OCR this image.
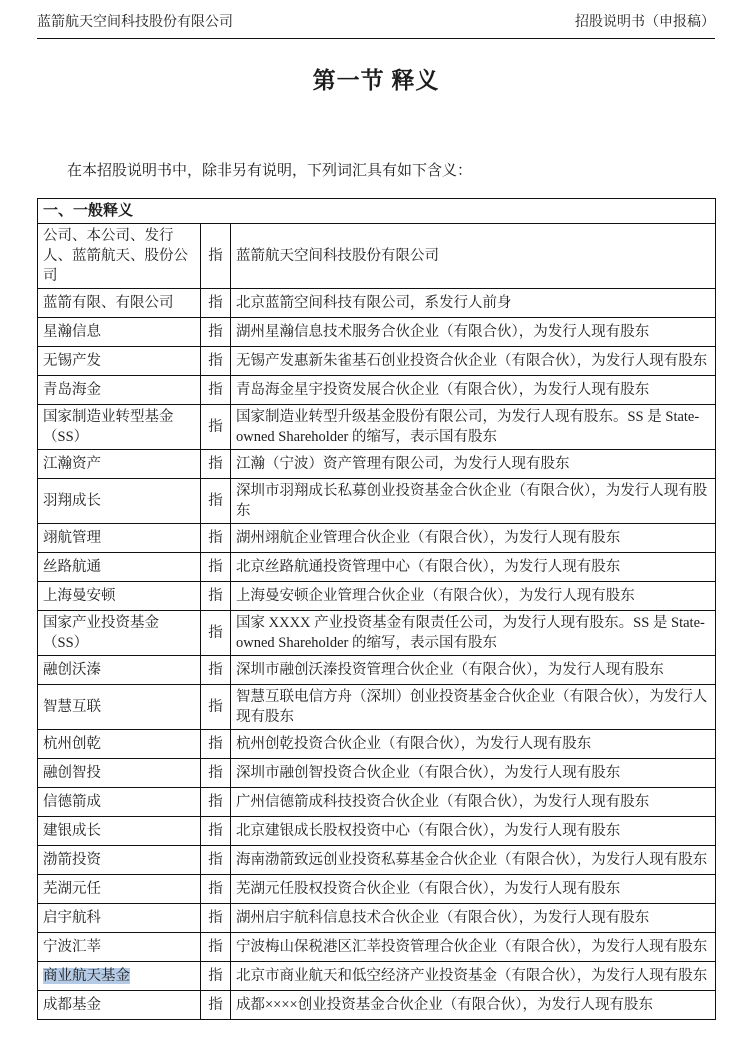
蓝箭航天空间科技股份有限公司	招股说明书（申报稿）
第一节 释义

在本招股说明书中，除非另有说明，下列词汇具有如下含义：

一、一般释义		
公司、本公司、发行人、蓝箭航天、股份公司	指	蓝箭航天空间科技股份有限公司
蓝箭有限、有限公司	指	北京蓝箭空间科技有限公司，系发行人前身
星瀚信息	指	湖州星瀚信息技术服务合伙企业（有限合伙），为发行人现有股东
无锡产发	指	无锡产发惠新朱雀基石创业投资合伙企业（有限合伙），为发行人现有股东
青岛海金	指	青岛海金星宇投资发展合伙企业（有限合伙），为发行人现有股东
国家制造业转型基金（SS）	指	国家制造业转型升级基金股份有限公司，为发行人现有股东。SS 是 State-owned Shareholder 的缩写，表示国有股东
江瀚资产	指	江瀚（宁波）资产管理有限公司，为发行人现有股东
羽翔成长	指	深圳市羽翔成长私募创业投资基金合伙企业（有限合伙），为发行人现有股东
翊航管理	指	湖州翊航企业管理合伙企业（有限合伙），为发行人现有股东
丝路航通	指	北京丝路航通投资管理中心（有限合伙），为发行人现有股东
上海曼安顿	指	上海曼安顿企业管理合伙企业（有限合伙），为发行人现有股东
国家产业投资基金（SS）	指	国家 XXXX 产业投资基金有限责任公司，为发行人现有股东。SS 是 State-owned Shareholder 的缩写，表示国有股东
融创沃溱	指	深圳市融创沃溱投资管理合伙企业（有限合伙），为发行人现有股东
智慧互联	指	智慧互联电信方舟（深圳）创业投资基金合伙企业（有限合伙），为发行人现有股东
杭州创乾	指	杭州创乾投资合伙企业（有限合伙），为发行人现有股东
融创智投	指	深圳市融创智投资合伙企业（有限合伙），为发行人现有股东
信德箭成	指	广州信德箭成科技投资合伙企业（有限合伙），为发行人现有股东
建银成长	指	北京建银成长股权投资中心（有限合伙），为发行人现有股东
渤箭投资	指	海南渤箭致远创业投资私募基金合伙企业（有限合伙），为发行人现有股东
芜湖元任	指	芜湖元任股权投资合伙企业（有限合伙），为发行人现有股东
启宇航科	指	湖州启宇航科信息技术合伙企业（有限合伙），为发行人现有股东
宁波汇莘	指	宁波梅山保税港区汇莘投资管理合伙企业（有限合伙），为发行人现有股东
商业航天基金	指	北京市商业航天和低空经济产业投资基金（有限合伙），为发行人现有股东
成都基金	指	成都××××创业投资基金合伙企业（有限合伙），为发行人现有股东
